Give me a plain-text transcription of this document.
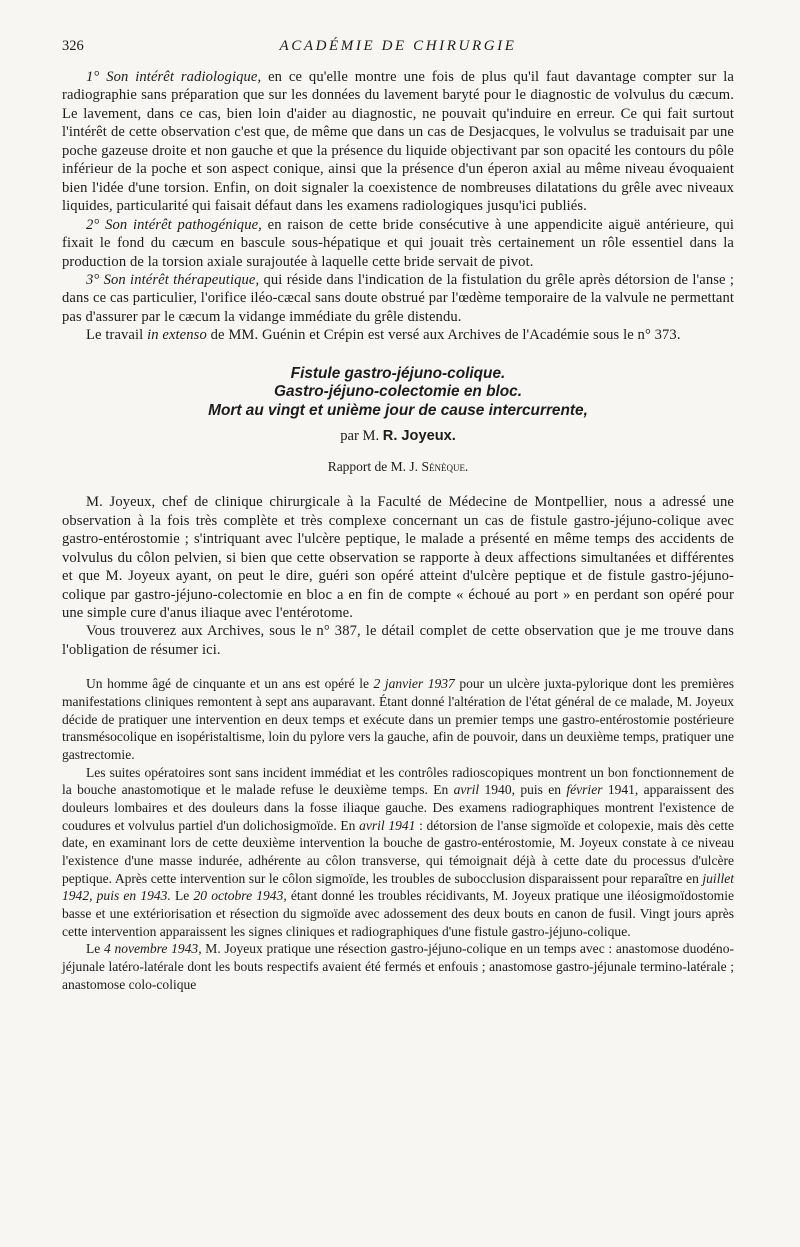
326	ACADÉMIE DE CHIRURGIE

1° Son intérêt radiologique, en ce qu'elle montre une fois de plus qu'il faut davantage compter sur la radiographie sans préparation que sur les données du lavement baryté pour le diagnostic de volvulus du cæcum. Le lavement, dans ce cas, bien loin d'aider au diagnostic, ne pouvait qu'induire en erreur. Ce qui fait surtout l'intérêt de cette observation c'est que, de même que dans un cas de Desjacques, le volvulus se traduisait par une poche gazeuse droite et non gauche et que la présence du liquide objectivant par son opacité les contours du pôle inférieur de la poche et son aspect conique, ainsi que la présence d'un éperon axial au même niveau évoquaient bien l'idée d'une torsion. Enfin, on doit signaler la coexistence de nombreuses dilatations du grêle avec niveaux liquides, particularité qui faisait défaut dans les examens radiologiques jusqu'ici publiés.

2° Son intérêt pathogénique, en raison de cette bride consécutive à une appendicite aiguë antérieure, qui fixait le fond du cæcum en bascule sous-hépatique et qui jouait très certainement un rôle essentiel dans la production de la torsion axiale surajoutée à laquelle cette bride servait de pivot.

3° Son intérêt thérapeutique, qui réside dans l'indication de la fistulation du grêle après détorsion de l'anse ; dans ce cas particulier, l'orifice iléo-cæcal sans doute obstrué par l'œdème temporaire de la valvule ne permettant pas d'assurer par le cæcum la vidange immédiate du grêle distendu.

Le travail in extenso de MM. Guénin et Crépin est versé aux Archives de l'Académie sous le n° 373.

Fistule gastro-jéjuno-colique.
Gastro-jéjuno-colectomie en bloc.
Mort au vingt et unième jour de cause intercurrente,
par M. R. Joyeux.
Rapport de M. J. Sénèque.

M. Joyeux, chef de clinique chirurgicale à la Faculté de Médecine de Montpellier, nous a adressé une observation à la fois très complète et très complexe concernant un cas de fistule gastro-jéjuno-colique avec gastro-entérostomie ; s'intriquant avec l'ulcère peptique, le malade a présenté en même temps des accidents de volvulus du côlon pelvien, si bien que cette observation se rapporte à deux affections simultanées et différentes et que M. Joyeux ayant, on peut le dire, guéri son opéré atteint d'ulcère peptique et de fistule gastro-jéjuno-colique par gastro-jéjuno-colectomie en bloc a en fin de compte « échoué au port » en perdant son opéré pour une simple cure d'anus iliaque avec l'entérotome.

Vous trouverez aux Archives, sous le n° 387, le détail complet de cette observation que je me trouve dans l'obligation de résumer ici.

Un homme âgé de cinquante et un ans est opéré le 2 janvier 1937 pour un ulcère juxta-pylorique dont les premières manifestations cliniques remontent à sept ans auparavant. Étant donné l'altération de l'état général de ce malade, M. Joyeux décide de pratiquer une intervention en deux temps et exécute dans un premier temps une gastro-entérostomie postérieure transmésocolique en isopéristaltisme, loin du pylore vers la gauche, afin de pouvoir, dans un deuxième temps, pratiquer une gastrectomie.

Les suites opératoires sont sans incident immédiat et les contrôles radioscopiques montrent un bon fonctionnement de la bouche anastomotique et le malade refuse le deuxième temps. En avril 1940, puis en février 1941, apparaissent des douleurs lombaires et des douleurs dans la fosse iliaque gauche. Des examens radiographiques montrent l'existence de coudures et volvulus partiel d'un dolichosigmoïde. En avril 1941 : détorsion de l'anse sigmoïde et colopexie, mais dès cette date, en examinant lors de cette deuxième intervention la bouche de gastro-entérostomie, M. Joyeux constate à ce niveau l'existence d'une masse indurée, adhérente au côlon transverse, qui témoignait déjà à cette date du processus d'ulcère peptique. Après cette intervention sur le côlon sigmoïde, les troubles de subocclusion disparaissent pour reparaître en juillet 1942, puis en 1943. Le 20 octobre 1943, étant donné les troubles récidivants, M. Joyeux pratique une iléosigmoïdostomie basse et une extériorisation et résection du sigmoïde avec adossement des deux bouts en canon de fusil. Vingt jours après cette intervention apparaissent les signes cliniques et radiographiques d'une fistule gastro-jéjuno-colique.

Le 4 novembre 1943, M. Joyeux pratique une résection gastro-jéjuno-colique en un temps avec : anastomose duodéno-jéjunale latéro-latérale dont les bouts respectifs avaient été fermés et enfouis ; anastomose gastro-jéjunale termino-latérale ; anastomose colo-colique
